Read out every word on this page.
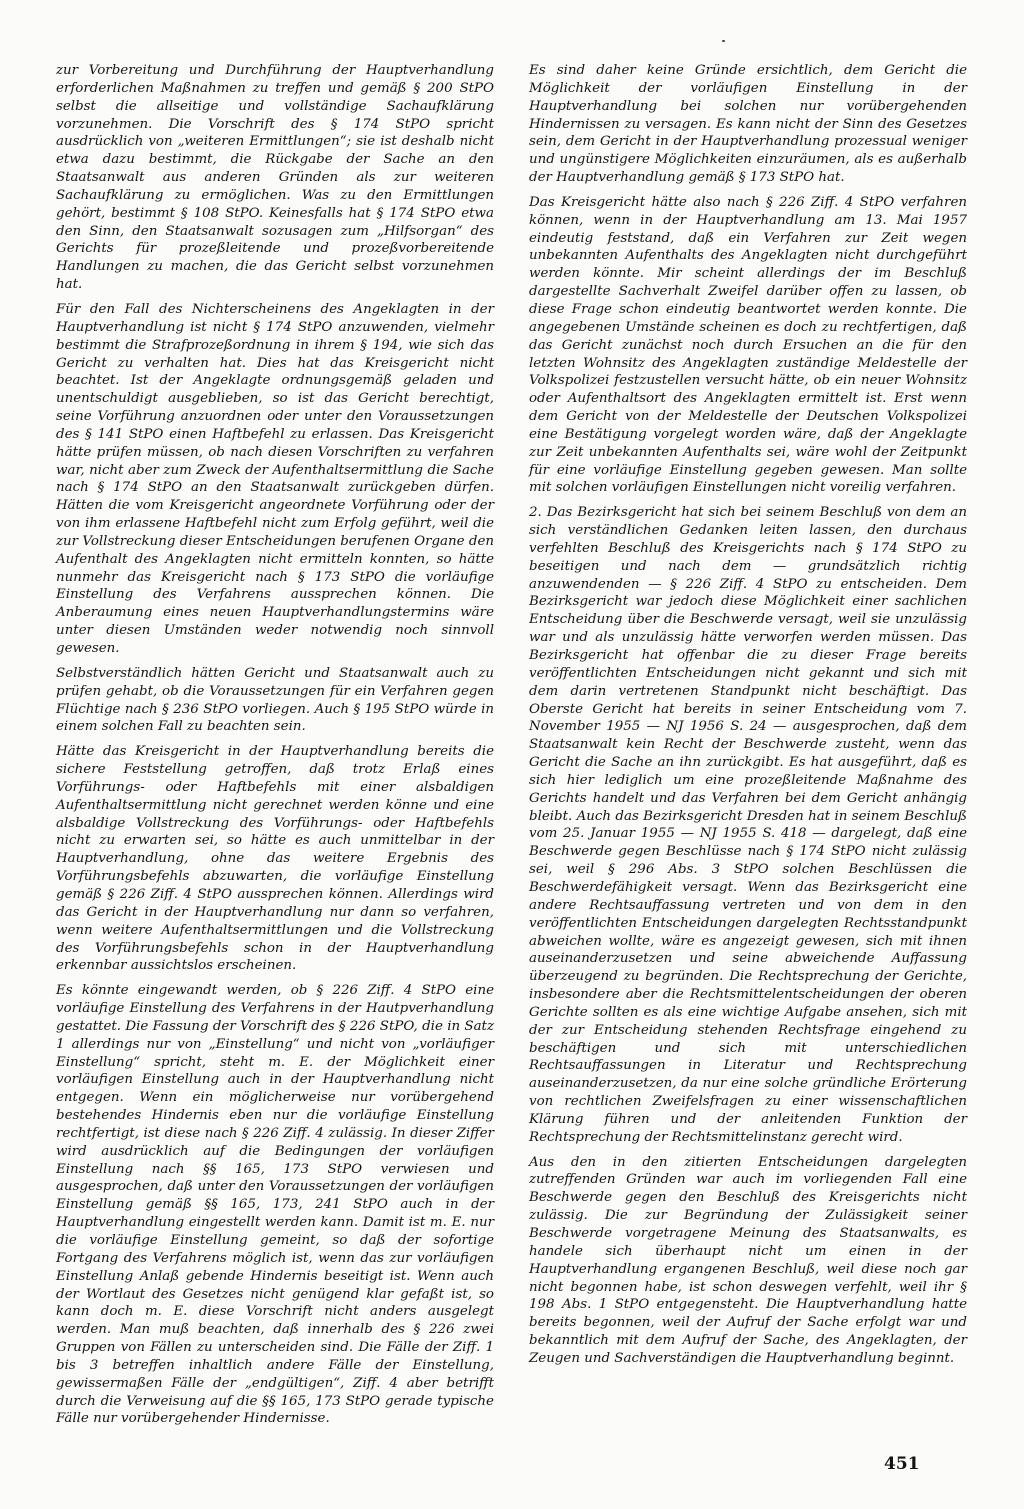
zur Vorbereitung und Durchführung der Hauptverhandlung erforderlichen Maßnahmen zu treffen und gemäß § 200 StPO selbst die allseitige und vollständige Sachaufklärung vorzunehmen. Die Vorschrift des § 174 StPO spricht ausdrücklich von „weiteren Ermittlungen“; sie ist deshalb nicht etwa dazu bestimmt, die Rückgabe der Sache an den Staatsanwalt aus anderen Gründen als zur weiteren Sachaufklärung zu ermöglichen. Was zu den Ermittlungen gehört, bestimmt § 108 StPO. Keinesfalls hat § 174 StPO etwa den Sinn, den Staatsanwalt sozusagen zum „Hilfsorgan“ des Gerichts für prozeßleitende und prozeßvorbereitende Handlungen zu machen, die das Gericht selbst vorzunehmen hat.

Für den Fall des Nichterscheinens des Angeklagten in der Hauptverhandlung ist nicht § 174 StPO anzuwenden, vielmehr bestimmt die Strafprozeßordnung in ihrem § 194, wie sich das Gericht zu verhalten hat. Dies hat das Kreisgericht nicht beachtet. Ist der Angeklagte ordnungsgemäß geladen und unentschuldigt ausgeblieben, so ist das Gericht berechtigt, seine Vorführung anzuordnen oder unter den Voraussetzungen des § 141 StPO einen Haftbefehl zu erlassen. Das Kreisgericht hätte prüfen müssen, ob nach diesen Vorschriften zu verfahren war, nicht aber zum Zweck der Aufenthaltsermittlung die Sache nach § 174 StPO an den Staatsanwalt zurückgeben dürfen. Hätten die vom Kreisgericht angeordnete Vorführung oder der von ihm erlassene Haftbefehl nicht zum Erfolg geführt, weil die zur Vollstreckung dieser Entscheidungen berufenen Organe den Aufenthalt des Angeklagten nicht ermitteln konnten, so hätte nunmehr das Kreisgericht nach § 173 StPO die vorläufige Einstellung des Verfahrens aussprechen können. Die Anberaumung eines neuen Hauptverhandlungstermins wäre unter diesen Umständen weder notwendig noch sinnvoll gewesen.

Selbstverständlich hätten Gericht und Staatsanwalt auch zu prüfen gehabt, ob die Voraussetzungen für ein Verfahren gegen Flüchtige nach § 236 StPO vorliegen. Auch § 195 StPO würde in einem solchen Fall zu beachten sein.

Hätte das Kreisgericht in der Hauptverhandlung bereits die sichere Feststellung getroffen, daß trotz Erlaß eines Vorführungs- oder Haftbefehls mit einer alsbaldigen Aufenthaltsermittlung nicht gerechnet werden könne und eine alsbaldige Vollstreckung des Vorführungs- oder Haftbefehls nicht zu erwarten sei, so hätte es auch unmittelbar in der Hauptverhandlung, ohne das weitere Ergebnis des Vorführungsbefehls abzuwarten, die vorläufige Einstellung gemäß § 226 Ziff. 4 StPO aussprechen können. Allerdings wird das Gericht in der Hauptverhandlung nur dann so verfahren, wenn weitere Aufenthaltsermittlungen und die Vollstreckung des Vorführungsbefehls schon in der Hauptverhandlung erkennbar aussichtslos erscheinen.

Es könnte eingewandt werden, ob § 226 Ziff. 4 StPO eine vorläufige Einstellung des Verfahrens in der Hautpverhandlung gestattet. Die Fassung der Vorschrift des § 226 StPO, die in Satz 1 allerdings nur von „Einstellung“ und nicht von „vorläufiger Einstellung“ spricht, steht m. E. der Möglichkeit einer vorläufigen Einstellung auch in der Hauptverhandlung nicht entgegen. Wenn ein möglicherweise nur vorübergehend bestehendes Hindernis eben nur die vorläufige Einstellung rechtfertigt, ist diese nach § 226 Ziff. 4 zulässig. In dieser Ziffer wird ausdrücklich auf die Bedingungen der vorläufigen Einstellung nach §§ 165, 173 StPO verwiesen und ausgesprochen, daß unter den Voraussetzungen der vorläufigen Einstellung gemäß §§ 165, 173, 241 StPO auch in der Hauptverhandlung eingestellt werden kann. Damit ist m. E. nur die vorläufige Einstellung gemeint, so daß der sofortige Fortgang des Verfahrens möglich ist, wenn das zur vorläufigen Einstellung Anlaß gebende Hindernis beseitigt ist. Wenn auch der Wortlaut des Gesetzes nicht genügend klar gefaßt ist, so kann doch m. E. diese Vorschrift nicht anders ausgelegt werden. Man muß beachten, daß innerhalb des § 226 zwei Gruppen von Fällen zu unterscheiden sind. Die Fälle der Ziff. 1 bis 3 betreffen inhaltlich andere Fälle der Einstellung, gewissermaßen Fälle der „endgültigen“, Ziff. 4 aber betrifft durch die Verweisung auf die §§ 165, 173 StPO gerade typische Fälle nur vorübergehender Hindernisse.

Es sind daher keine Gründe ersichtlich, dem Gericht die Möglichkeit der vorläufigen Einstellung in der Hauptverhandlung bei solchen nur vorübergehenden Hindernissen zu versagen. Es kann nicht der Sinn des Gesetzes sein, dem Gericht in der Hauptverhandlung prozessual weniger und ungünstigere Möglichkeiten einzuräumen, als es außerhalb der Hauptverhandlung gemäß § 173 StPO hat.

Das Kreisgericht hätte also nach § 226 Ziff. 4 StPO verfahren können, wenn in der Hauptverhandlung am 13. Mai 1957 eindeutig feststand, daß ein Verfahren zur Zeit wegen unbekannten Aufenthalts des Angeklagten nicht durchgeführt werden könnte. Mir scheint allerdings der im Beschluß dargestellte Sachverhalt Zweifel darüber offen zu lassen, ob diese Frage schon eindeutig beantwortet werden konnte. Die angegebenen Umstände scheinen es doch zu rechtfertigen, daß das Gericht zunächst noch durch Ersuchen an die für den letzten Wohnsitz des Angeklagten zuständige Meldestelle der Volkspolizei festzustellen versucht hätte, ob ein neuer Wohnsitz oder Aufenthaltsort des Angeklagten ermittelt ist. Erst wenn dem Gericht von der Meldestelle der Deutschen Volkspolizei eine Bestätigung vorgelegt worden wäre, daß der Angeklagte zur Zeit unbekannten Aufenthalts sei, wäre wohl der Zeitpunkt für eine vorläufige Einstellung gegeben gewesen. Man sollte mit solchen vorläufigen Einstellungen nicht voreilig verfahren.

2. Das Bezirksgericht hat sich bei seinem Beschluß von dem an sich verständlichen Gedanken leiten lassen, den durchaus verfehlten Beschluß des Kreisgerichts nach § 174 StPO zu beseitigen und nach dem — grundsätzlich richtig anzuwendenden — § 226 Ziff. 4 StPO zu entscheiden. Dem Bezirksgericht war jedoch diese Möglichkeit einer sachlichen Entscheidung über die Beschwerde versagt, weil sie unzulässig war und als unzulässig hätte verworfen werden müssen. Das Bezirksgericht hat offenbar die zu dieser Frage bereits veröffentlichten Entscheidungen nicht gekannt und sich mit dem darin vertretenen Standpunkt nicht beschäftigt. Das Oberste Gericht hat bereits in seiner Entscheidung vom 7. November 1955 — NJ 1956 S. 24 — ausgesprochen, daß dem Staatsanwalt kein Recht der Beschwerde zusteht, wenn das Gericht die Sache an ihn zurückgibt. Es hat ausgeführt, daß es sich hier lediglich um eine prozeßleitende Maßnahme des Gerichts handelt und das Verfahren bei dem Gericht anhängig bleibt. Auch das Bezirksgericht Dresden hat in seinem Beschluß vom 25. Januar 1955 — NJ 1955 S. 418 — dargelegt, daß eine Beschwerde gegen Beschlüsse nach § 174 StPO nicht zulässig sei, weil § 296 Abs. 3 StPO solchen Beschlüssen die Beschwerdefähigkeit versagt. Wenn das Bezirksgericht eine andere Rechtsauffassung vertreten und von dem in den veröffentlichten Entscheidungen dargelegten Rechtsstandpunkt abweichen wollte, wäre es angezeigt gewesen, sich mit ihnen auseinanderzusetzen und seine abweichende Auffassung überzeugend zu begründen. Die Rechtsprechung der Gerichte, insbesondere aber die Rechtsmittelentscheidungen der oberen Gerichte sollten es als eine wichtige Aufgabe ansehen, sich mit der zur Entscheidung stehenden Rechtsfrage eingehend zu beschäftigen und sich mit unterschiedlichen Rechtsauffassungen in Literatur und Rechtsprechung auseinanderzusetzen, da nur eine solche gründliche Erörterung von rechtlichen Zweifelsfragen zu einer wissenschaftlichen Klärung führen und der anleitenden Funktion der Rechtsprechung der Rechtsmittelinstanz gerecht wird.

Aus den in den zitierten Entscheidungen dargelegten zutreffenden Gründen war auch im vorliegenden Fall eine Beschwerde gegen den Beschluß des Kreisgerichts nicht zulässig. Die zur Begründung der Zulässigkeit seiner Beschwerde vorgetragene Meinung des Staatsanwalts, es handele sich überhaupt nicht um einen in der Hauptverhandlung ergangenen Beschluß, weil diese noch gar nicht begonnen habe, ist schon deswegen verfehlt, weil ihr § 198 Abs. 1 StPO entgegensteht. Die Hauptverhandlung hatte bereits begonnen, weil der Aufruf der Sache erfolgt war und bekanntlich mit dem Aufruf der Sache, des Angeklagten, der Zeugen und Sachverständigen die Hauptverhandlung beginnt.

451
